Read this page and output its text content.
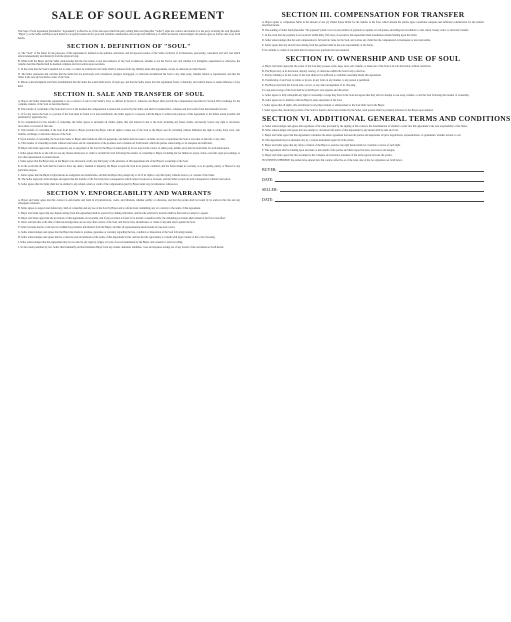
SALE OF SOUL AGREEMENT

This Sale of Soul Agreement (hereinafter "Agreement") is effective as of the date upon which the party selling their soul (hereafter "Seller") signs the contract and returns it to the party receiving the soul (hereafter "Buyer"), as the Seller and Buyer each intend to be legally bound and for good and valuable consideration, the receipt and sufficiency of which are hereby acknowledged, the parties agree as follows and as set forth herein.

SECTION I. DEFINITION OF "SOUL"

A. The "Soul" of the Seller for the purposes of this Agreement is defined as the spiritual, emotional, and incorporeal essence of the Seller, inclusive of all memories, personality, conscience and will, and which exists independently and distinctly from the physical body.

B. While both the Buyer and the Seller acknowledge that the true nature, scope and existence of any Soul is unknown, whether or not the Soul is real, and whether it is intangible, supernatural or otherwise, the transfer described herein shall be deemed complete and irrevocable upon execution.

C. In the event that the Soul is deemed not to exist, or cannot be transferred, the Seller shall be released from any liability under this Agreement, except as otherwise provided herein.

D. The Seller represents and warrants that the Seller has not previously sold, transferred, pledged, mortgaged, or otherwise encumbered the Soul to any other party, whether natural or supernatural, and that the Seller is the sole and exclusive owner of the Soul.

E. Phrase acknowledgment and fairly determination that the Seller has sound mind and is of legal age, and that the Seller enters into this Agreement freely, voluntarily, and without duress or undue influence of any kind.

SECTION II. SALE AND TRANSFER OF SOUL

A. Buyer and Seller intend this Agreement to be a contract of sale for the Seller's Soul, as defined in Section I. Likewise, the Buyer shall provide the compensation described in Section III in exchange for the complete transfer of the Soul as described herein.

B. The transfer of ownership of the Soul shall occur at the moment the compensation is issued and received by the Seller, and shall be deemed final, complete and irrevocable from that moment forward.

C. If for any reason the Soul or a portion of the Soul must be found to be non-transferable, the Seller agrees to cooperate with the Buyer to achieve the purpose of this Agreement to the fullest extent possible and permitted by applicable law.

D. In consideration for the transfer of ownership, the Seller agrees to surrender all claims, rights, title and interest in and to the Soul, including any future claims, and hereby waives any right to rescission, revocation or reversal of this sale.

E. This transfer of ownership of the Soul from Seller to Buyer provides the Buyer with all rights to make use of the Soul as the Buyer sees fit, including without limitation the right to retain, hold, store, sell, transfer, exchange or otherwise dispose of the Soul.

F. Upon transfer of ownership, the Soul from Seller to Buyer shall remain in effect in perpetuity, and Seller shall not seek to reclaim, recover or repurchase the Soul at any time, in this life or any other.

G. This transfer of ownership is made without reservation and in consideration of the promises and covenants set forth herein, which the parties acknowledge to be adequate and sufficient.

H. Buyer and Seller agree that when possession, use or enjoyment of the Soul by the Buyer is interrupted by forces beyond the control of either party, neither party shall be held liable for such interruption.

I. Seller agrees that he or she will not use any means whatsoever to claim or reclaim the Soul following the transfer of ownership to Buyer, including but not limited to prayer, ritual, exorcism, legal proceedings, or any other supernatural or natural means.

J. Seller agrees that the Buyer may, in the Buyer's sole discretion, notify any third party of the existence of this Agreement and of the Buyer's ownership of the Soul.

K. In the event that the Soul shall be found to have any defect, blemish or impurity, the Buyer accepts the Soul in its present condition, and the Seller makes no warranty as to its quality, purity, or fitness for any particular purpose.

L. Seller agrees that the Buyer's rights herein are assignable and transferable, and that the Buyer may assign any or all of its rights to any third party without notice to or consent of the Seller.

M. The Seller expressly acknowledges and agrees that the transfer of the Soul may have consequences which cannot be known or foreseen, and the Seller accepts all such consequences without reservation.

N. Seller agrees that the Seller shall not be entitled to any refund, return or credit of the compensation paid by Buyer under any circumstances whatsoever.

SECTION V. ENFORCEABILITY AND WARRANTS

A. Buyer and Seller agree that this contract is enforceable and valid in all jurisdictions, courts, and tribunals, whether earthly or otherwise, and that the parties shall be bound by its terms in this life and any subsequent existence.

B. Seller agrees to support and defend any claim of ownership and any use of the Soul by Buyer and to refrain from committing any act contrary to the terms of this Agreement.

C. Buyer and Seller agree that any dispute arising from this Agreement shall be resolved by binding arbitration, and that the arbitrator's decision shall be final and not subject to appeal.

D. Buyer and Seller agree that the provisions of this Agreement are severable, and if any provision is found to be invalid or unenforceable, the remaining provisions shall remain in full force and effect.

E. Seller warrants that at the time of their knowledge there are not any other owners of the Soul, and that no lien, encumbrance or claim of any kind exists against the Soul.

F. Seller warrants that he or she has not withheld any material information from the Buyer, and that all representations made herein are true and correct.

G. Seller acknowledges and agrees that the Buyer has made no promise, guarantee or warranty regarding the fate, condition or disposition of the Soul following transfer.

H. Seller acknowledges and agrees that he or she has read and understood the terms of this Agreement in full, and has had the opportunity to consult with legal counsel of his or her choosing.

I. Seller acknowledges that this Agreement may be recorded in any registry, ledger, or book of record maintained by the Buyer, and consents to such recording.

J. To the extent permitted by law, Seller shall indemnify and hold harmless Buyer from any claims, demands, liabilities, costs and expenses arising out of any breach of the warranties set forth herein.

SECTION III. COMPENSATION FOR TRANSFER

A. Buyer agrees to compensate Seller in the amount of one (1) United States Dollar for the transfer of the Soul, which amount the parties agree constitutes adequate and sufficient consideration for the transfer described herein.

B. The sending of Seller funds (hereafter "the payment") shall occur via any method of payment acceptable to both parties, including but not limited to cash, check, money order, or electronic transfer.

C. In the event that the payment is not received within thirty (30) days of execution, this Agreement shall nonetheless remain binding upon the Seller.

D. Seller acknowledges that the said compensation is full and fair value for the Soul, and waives any claim that the compensation is inadequate or unconscionable.

E. Seller agrees that any and all taxes arising from the payment shall be the sole responsibility of the Seller.

F. No refunds or credits of any kind shall be issued once payment has been tendered.

SECTION IV. OWNERSHIP AND USE OF SOUL

A. Buyer and Seller agree that the owner of the Soul may possess, trade, keep, store, sell, transfer, or make use of the Soul at its sole discretion, without restriction.

B. The Buyer may, at its discretion, display, catalog, or otherwise exhibit the Soul in any collection.

C. Purely claiming to be the owner of the Soul shall not be sufficient to establish ownership absent this Agreement.

D. Transferring of said Soul, in whole or in part, in any form, in any manner, to any person is permitted.

E. The Buyer may hold the Soul in trust, escrow, or any other arrangement of its choosing.

F. Long-term storage of the Soul shall be at the Buyer's sole expense and discretion.

G. Seller agrees to fully relinquish any right of ownership or usage they have in the Soul and agrees that they will not attempt to use, keep, transfer, or sell the Soul following the transfer of ownership.

H. Seller agrees not to interfere with the Buyer's quiet enjoyment of the Soul.

I. Seller agrees that all rights, title and interest in any improvement or enhancement to the Soul shall vest in the Buyer.

J. Seller agrees that, should any portion of the Soul be found to have been retained by the Seller, such portion shall be promptly delivered to the Buyer upon demand.

SECTION VI. ADDITIONAL GENERAL TERMS AND CONDITIONS

A. Seller acknowledges and agrees that regardless of the rules provided by the signing of this contract, the determination of whether to enter into this agreement is the sole responsibility of the Seller.

B. Seller acknowledges and agrees that any attempt to circumvent the terms of this Agreement by any means shall be null and void.

C. Buyer and Seller agree that this Agreement constitutes the entire agreement between the parties and supersedes all prior negotiations, representations, or agreements, whether written or oral.

D. This Agreement may be amended only by a written instrument signed by both parties.

E. Buyer and Seller agree that any delay or failure of the Buyer to exercise any right herein shall not constitute a waiver of such right.

F. This Agreement shall be binding upon and inure to the benefit of the parties and their respective heirs, successors and assigns.

G. Buyer and Seller agree that this document is the complete and exclusive statement of the terms agreed between the parties.

IN WITNESS WHEREOF, the parties have entered into this contract effective as of the latter date of the two signatures set forth below.

BUYER:
DATE:
SELLER:
DATE:
